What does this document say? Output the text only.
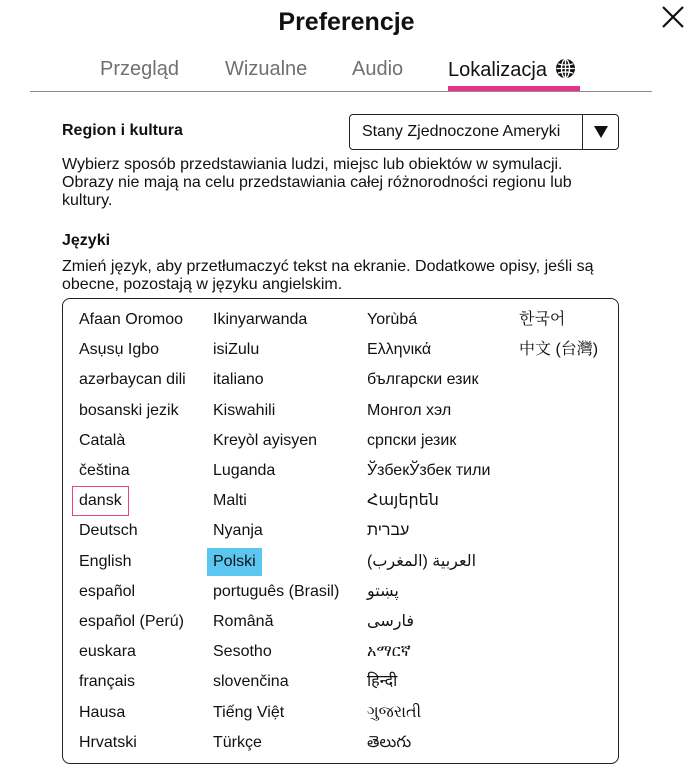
Preferencje
Przegląd Wizualne Audio Lokalizacja
Region i kultura	Stany Zjednoczone Ameryki
Wybierz sposób przedstawiania ludzi, miejsc lub obiektów w symulacji. Obrazy nie mają na celu przedstawiania całej różnorodności regionu lub kultury.
Języki
Zmień język, aby przetłumaczyć tekst na ekranie. Dodatkowe opisy, jeśli są obecne, pozostają w języku angielskim.
Afaan Oromoo
Asụsụ Igbo
azərbaycan dili
bosanski jezik
Català
čeština
dansk
Deutsch
English
español
español (Perú)
euskara
français
Hausa
Hrvatski
Ikinyarwanda
isiZulu
italiano
Kiswahili
Kreyòl ayisyen
Luganda
Malti
Nyanja
Polski
português (Brasil)
Română
Sesotho
slovenčina
Tiếng Việt
Türkçe
Yorùbá
Ελληνικά
български език
Монгол хэл
српски језик
ЎзбекЎзбек тили
Հայերեն
עברית
العربية (المغرب)
پښتو
فارسی
አማርኛ
हिन्दी
ગુજરાતી
తెలుగు
한국어
中文 (台灣)
